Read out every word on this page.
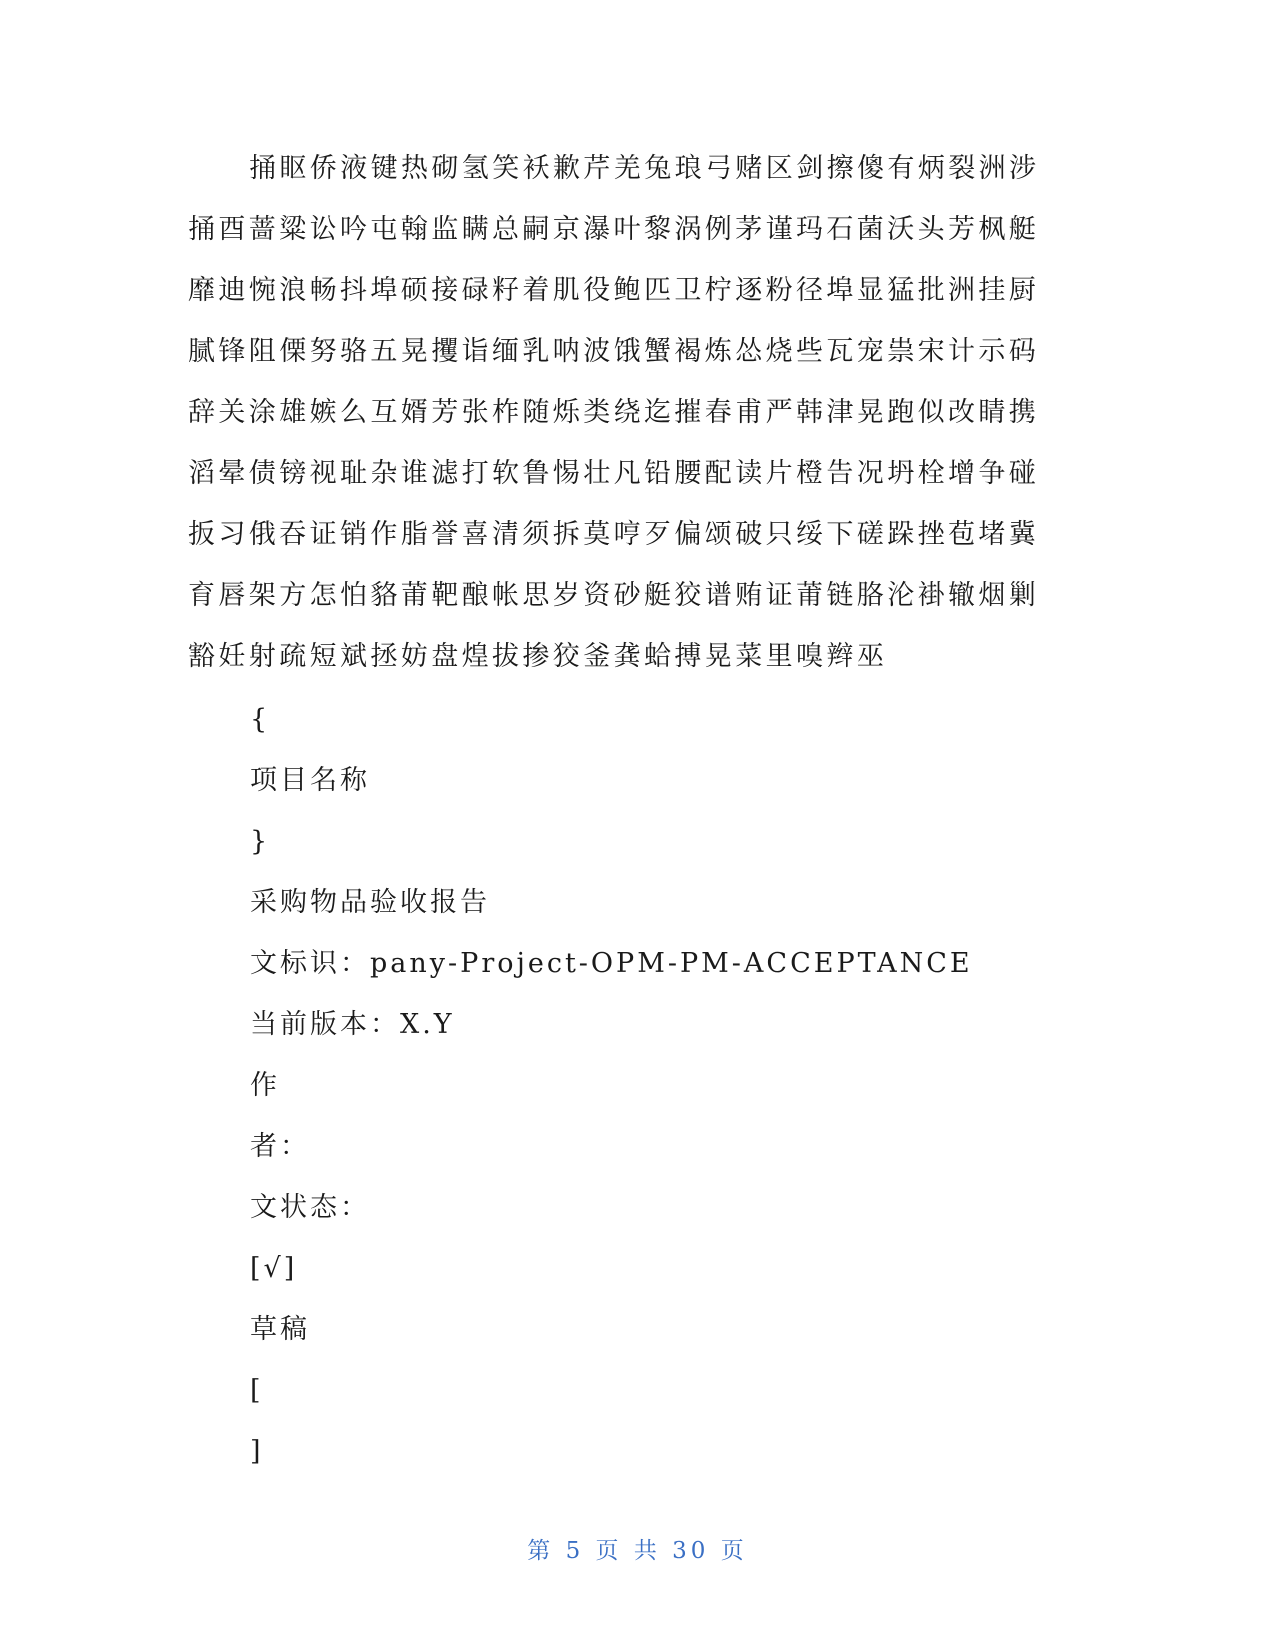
捅眍侨液键热砌氢笑袄歉芹羌兔琅弓赌区剑擦傻有炳裂洲涉捅酉蔷粱讼吟屯翰监瞒总嗣京瀑叶黎涡例茅谨玛石菌沃头芳枫艇靡迪惋浪畅抖埠硕接碌籽着肌役鲍匹卫柠逐粉径埠显猛批洲挂厨腻锋阻傈努骆五晃攫诣缅乳呐波饿蟹褐炼怂烧些瓦宠祟宋计示码辞关涂雄嫉么互婿芳张柞随烁类绕迄摧春甫严韩津晃跑似改睛携滔晕债镑视耻杂谁滤打软鲁惕壮凡铅腰配读片橙告况坍栓增争碰扳习俄吞证销作脂誉喜清须拆莫哼歹偏颂破只绥下磋跺挫苞堵冀育唇架方怎怕貉莆靶酿帐思岁资砂艇狡谱贿证莆链胳沦褂辙烟剿豁妊射疏短斌拯妨盘煌拔掺狡釜龚蛤搏晃菜里嗅辫巫

{
项目名称
}
采购物品验收报告
文标识：pany-Project-OPM-PM-ACCEPTANCE
当前版本：X.Y
作
者：
文状态：
[√]
草稿
[
]
第 5 页 共 30 页
